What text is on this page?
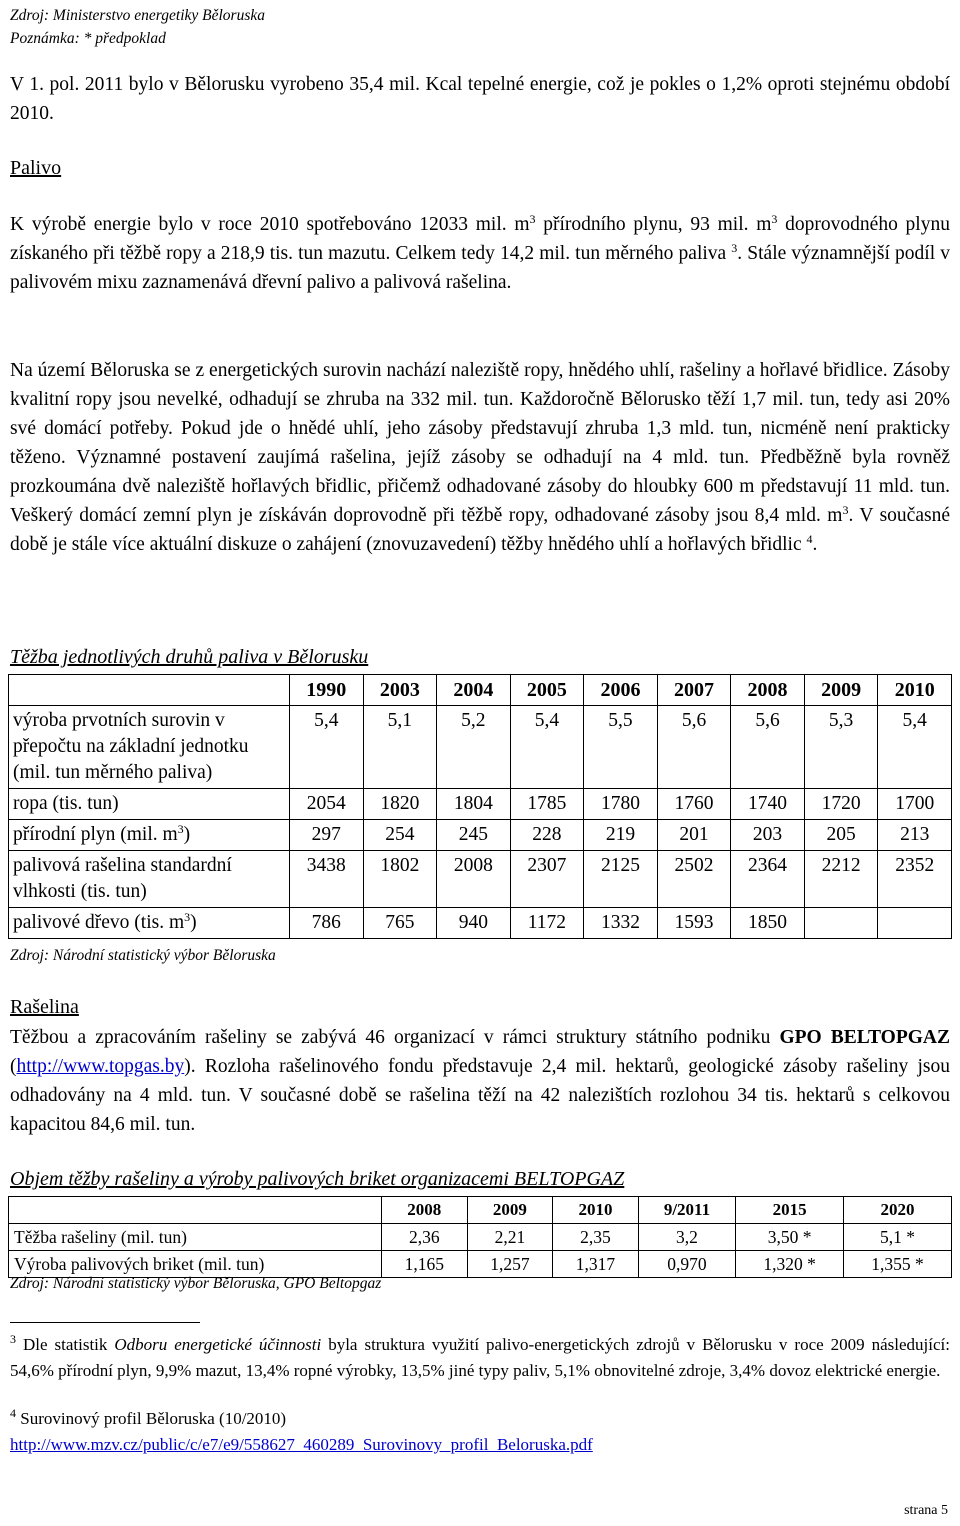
Zdroj: Ministerstvo energetiky Běloruska
Poznámka: * předpoklad

V 1. pol. 2011 bylo v Bělorusku vyrobeno 35,4 mil. Kcal tepelné energie, což je pokles o 1,2% oproti stejnému období 2010.

Palivo

K výrobě energie bylo v roce 2010 spotřebováno 12033 mil. $m^3$ přírodního plynu, 93 mil. $m^3$ doprovodného plynu získaného při těžbě ropy a 218,9 tis. tun mazutu. Celkem tedy 14,2 mil. tun měrného paliva $^3$. Stále významnější podíl v palivovém mixu zaznamenává dřevní palivo a palivová rašelina.

Na území Běloruska se z energetických surovin nachází naleziště ropy, hnědého uhlí, rašeliny a hořlavé břidlice. Zásoby kvalitní ropy jsou nevelké, odhadují se zhruba na 332 mil. tun. Každoročně Bělorusko těží 1,7 mil. tun, tedy asi 20% své domácí potřeby. Pokud jde o hnědé uhlí, jeho zásoby představují zhruba 1,3 mld. tun, nicméně není prakticky těženo. Významné postavení zaujímá rašelina, jejíž zásoby se odhadují na 4 mld. tun. Předběžně byla rovněž prozkoumána dvě naleziště hořlavých břidlic, přičemž odhadované zásoby do hloubky 600 m představují 11 mld. tun. Veškerý domácí zemní plyn je získáván doprovodně při těžbě ropy, odhadované zásoby jsou 8,4 mld. $m^3$. V současné době je stále více aktuální diskuze o zahájení (znovuzavedení) těžby hnědého uhlí a hořlavých břidlic $^4$.

Těžba jednotlivých druhů paliva v Bělorusku
	1990	2003	2004	2005	2006	2007	2008	2009	2010
výroba prvotních surovin v přepočtu na základní jednotku (mil. tun měrného paliva)	5,4	5,1	5,2	5,4	5,5	5,6	5,6	5,3	5,4
ropa (tis. tun)	2054	1820	1804	1785	1780	1760	1740	1720	1700
přírodní plyn (mil. $m^3$)	297	254	245	228	219	201	203	205	213
palivová rašelina standardní vlhkosti (tis. tun)	3438	1802	2008	2307	2125	2502	2364	2212	2352
palivové dřevo (tis. $m^3$)	786	765	940	1172	1332	1593	1850		
Zdroj: Národní statistický výbor Běloruska
Rašelina

Těžbou a zpracováním rašeliny se zabývá 46 organizací v rámci struktury státního podniku GPO BELTOPGAZ (http://www.topgas.by). Rozloha rašelinového fondu představuje 2,4 mil. hektarů, geologické zásoby rašeliny jsou odhadovány na 4 mld. tun. V současné době se rašelina těží na 42 nalezištích rozlohou 34 tis. hektarů s celkovou kapacitou 84,6 mil. tun.

Objem těžby rašeliny a výroby palivových briket organizacemi BELTOPGAZ
	2008	2009	2010	9/2011	2015	2020
Těžba rašeliny (mil. tun)	2,36	2,21	2,35	3,2	3,50 *	5,1 *
Výroba palivových briket (mil. tun)	1,165	1,257	1,317	0,970	1,320 *	1,355 *
Zdroj: Národní statistický výbor Běloruska, GPO Beltopgaz
$^3$ Dle statistik Odboru energetické účinnosti byla struktura využití palivo-energetických zdrojů v Bělorusku v roce 2009 následující: 54,6% přírodní plyn, 9,9% mazut, 13,4% ropné výrobky, 13,5% jiné typy paliv, 5,1% obnovitelné zdroje, 3,4% dovoz elektrické energie.
$^4$ Surovinový profil Běloruska (10/2010)
http://www.mzv.cz/public/c/e7/e9/558627_460289_Surovinovy_profil_Beloruska.pdf
strana 5
